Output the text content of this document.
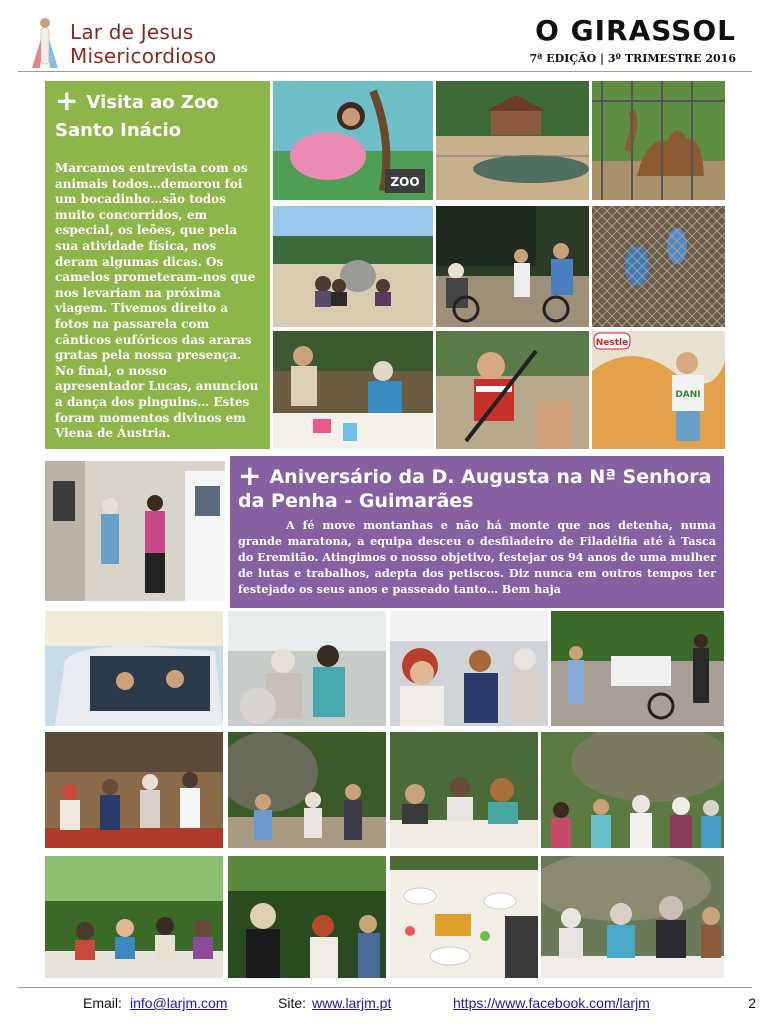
Lar de Jesus
Misericordioso
O GIRASSOL
7ª EDIÇÃO | 3º TRIMESTRE 2016
+ Visita ao Zoo Santo Inácio
Marcamos entrevista com os animais todos…demorou foi um bocadinho…são todos muito concorridos, em especial, os leões, que pela sua atividade física, nos deram algumas dicas. Os camelos prometeram–nos que nos levariam na próxima viagem. Tivemos direito a fotos na passarela com cânticos eufóricos das araras gratas pela nossa presença. No final, o nosso apresentador Lucas, anunciou a dança dos pinguins… Estes foram momentos divinos em Viena de Áustria.
ZOO
Nestle
DANI
+ Aniversário da D. Augusta na Nª Senhora da Penha - Guimarães
A fé move montanhas e não há monte que nos detenha, numa grande maratona, a equipa desceu o desfiladeiro de Filadélfia até à Tasca do Eremitão. Atingimos o nosso objetivo, festejar os 94 anos de uma mulher de lutas e trabalhos, adepta dos petiscos. Diz nunca em outros tempos ter festejado os seus anos e passeado tanto… Bem haja
Email: info@larjm.com	Site: www.larjm.pt	https://www.facebook.com/larjm	2
